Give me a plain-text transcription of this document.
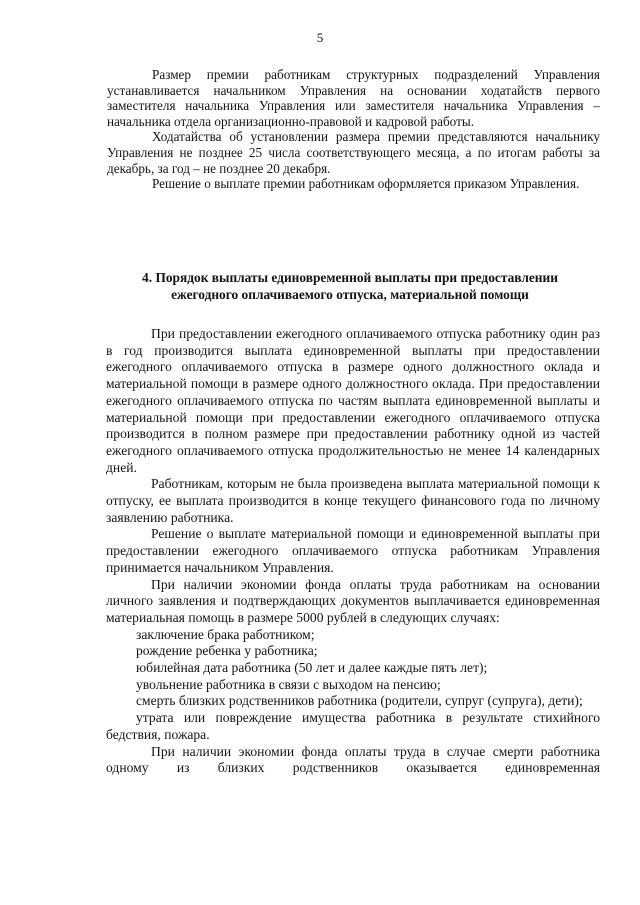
5

Размер премии работникам структурных подразделений Управления устанавливается начальником Управления на основании ходатайств первого заместителя начальника Управления или заместителя начальника Управления – начальника отдела организационно-правовой и кадровой работы.

Ходатайства об установлении размера премии представляются начальнику Управления не позднее 25 числа соответствующего месяца, а по итогам работы за декабрь, за год – не позднее 20 декабря.

Решение о выплате премии работникам оформляется приказом Управления.

4. Порядок выплаты единовременной выплаты при предоставлении ежегодного оплачиваемого отпуска, материальной помощи

При предоставлении ежегодного оплачиваемого отпуска работнику один раз в год производится выплата единовременной выплаты при предоставлении ежегодного оплачиваемого отпуска в размере одного должностного оклада и материальной помощи в размере одного должностного оклада. При предоставлении ежегодного оплачиваемого отпуска по частям выплата единовременной выплаты и материальной помощи при предоставлении ежегодного оплачиваемого отпуска производится в полном размере при предоставлении работнику одной из частей ежегодного оплачиваемого отпуска продолжительностью не менее 14 календарных дней.

Работникам, которым не была произведена выплата материальной помощи к отпуску, ее выплата производится в конце текущего финансового года по личному заявлению работника.

Решение о выплате материальной помощи и единовременной выплаты при предоставлении ежегодного оплачиваемого отпуска работникам Управления принимается начальником Управления.

При наличии экономии фонда оплаты труда работникам на основании личного заявления и подтверждающих документов выплачивается единовременная материальная помощь в размере 5000 рублей в следующих случаях:

заключение брака работником;

рождение ребенка у работника;

юбилейная дата работника (50 лет и далее каждые пять лет);

увольнение работника в связи с выходом на пенсию;

смерть близких родственников работника (родители, супруг (супруга), дети);

утрата или повреждение имущества работника в результате стихийного бедствия, пожара.

При наличии экономии фонда оплаты труда в случае смерти работника одному из близких родственников оказывается единовременная
